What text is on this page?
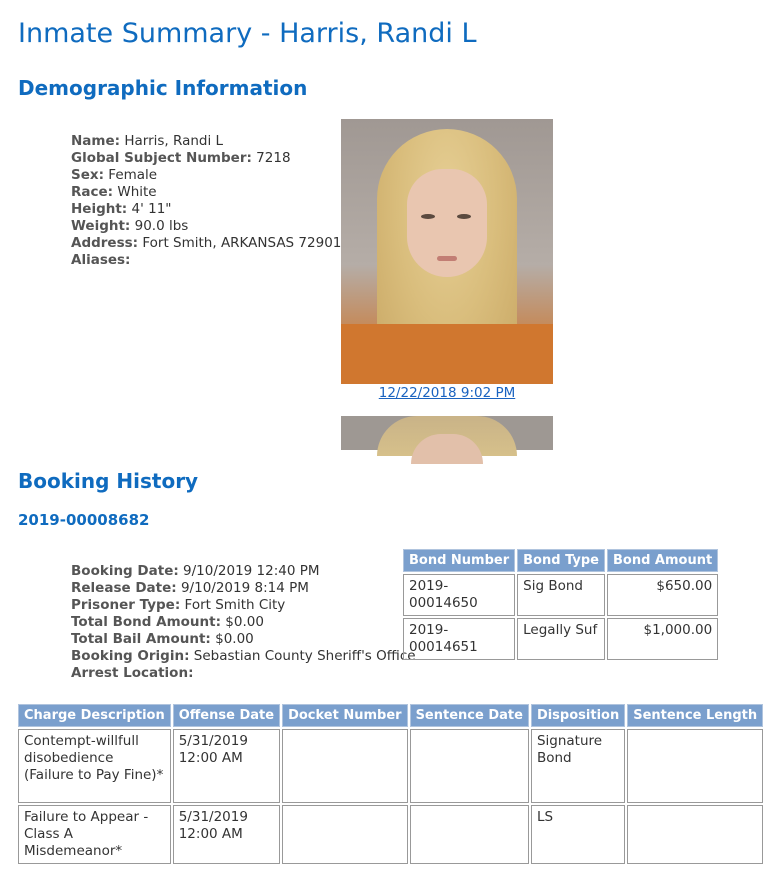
Inmate Summary - Harris, Randi L
Demographic Information
Name: Harris, Randi L
Global Subject Number: 7218
Sex: Female
Race: White
Height: 4' 11"
Weight: 90.0 lbs
Address: Fort Smith, ARKANSAS 72901
Aliases:
12/22/2018 9:02 PM
Booking History
2019-00008682
Booking Date: 9/10/2019 12:40 PM
Release Date: 9/10/2019 8:14 PM
Prisoner Type: Fort Smith City
Total Bond Amount: $0.00
Total Bail Amount: $0.00
Booking Origin: Sebastian County Sheriff's Office
Arrest Location:
Bond Number	Bond Type	Bond Amount
2019-00014650	Sig Bond	$650.00
2019-00014651	Legally Suf	$1,000.00
Charge Description	Offense Date	Docket Number	Sentence Date	Disposition	Sentence Length
Contempt-willfull disobedience (Failure to Pay Fine)*	5/31/2019 12:00 AM			Signature Bond	
Failure to Appear - Class A Misdemeanor*	5/31/2019 12:00 AM			LS	
